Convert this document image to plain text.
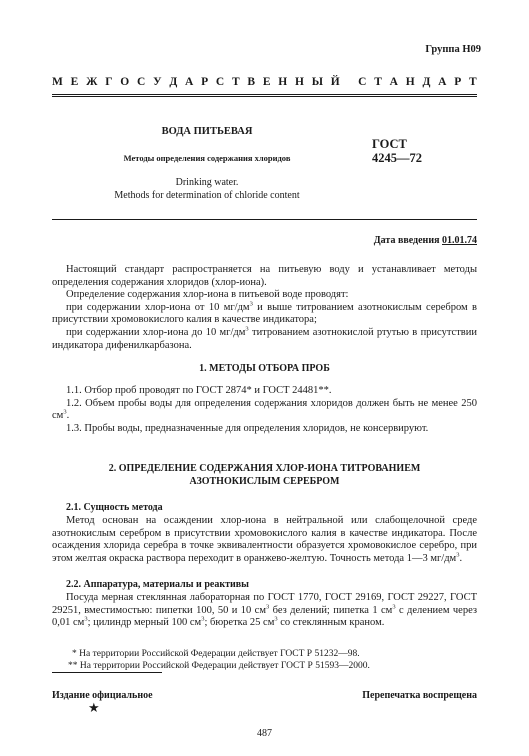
Группа Н09
М Е Ж Г О С У Д А Р С Т В Е Н Н Ы Й
С Т А Н Д А Р Т
ВОДА ПИТЬЕВАЯ
Методы определения содержания хлоридов
ГОСТ
4245—72
Drinking water.
Methods for determination of chloride content
Дата введения 01.01.74

Настоящий стандарт распространяется на питьевую воду и устанавливает методы определения содержания хлоридов (хлор-иона).

Определение содержания хлор-иона в питьевой воде проводят:

при содержании хлор-иона от 10 $мг/дм^3$ и выше титрованием азотнокислым серебром в присутствии хромовокислого калия в качестве индикатора;

при содержании хлор-иона до 10 $мг/дм^3$ титрованием азотнокислой ртутью в присутствии индикатора дифенилкарбазона.

1. МЕТОДЫ ОТБОРА ПРОБ

1.1. Отбор проб проводят по ГОСТ 2874* и ГОСТ 24481**.

1.2. Объем пробы воды для определения содержания хлоридов должен быть не менее 250 $см^3$.

1.3. Пробы воды, предназначенные для определения хлоридов, не консервируют.

2. ОПРЕДЕЛЕНИЕ СОДЕРЖАНИЯ ХЛОР-ИОНА ТИТРОВАНИЕМ
АЗОТНОКИСЛЫМ СЕРЕБРОМ
2.1. Сущность метода

Метод основан на осаждении хлор-иона в нейтральной или слабощелочной среде азотнокислым серебром в присутствии хромовокислого калия в качестве индикатора. После осаждения хлорида серебра в точке эквивалентности образуется хромовокислое серебро, при этом желтая окраска раствора переходит в оранжево-желтую. Точность метода 1—3 $мг/дм^3$.

2.2. Аппаратура, материалы и реактивы

Посуда мерная стеклянная лабораторная по ГОСТ 1770, ГОСТ 29169, ГОСТ 29227, ГОСТ 29251, вместимостью: пипетки 100, 50 и 10 $см^3$ без делений; пипетка 1 $см^3$ с делением через 0,01 $см^3$; цилиндр мерный 100 $см^3$; бюретка 25 $см^3$ со стеклянным краном.

* На территории Российской Федерации действует ГОСТ Р 51232—98.

** На территории Российской Федерации действует ГОСТ Р 51593—2000.

Издание официальное	Перепечатка воспрещена
★
487
